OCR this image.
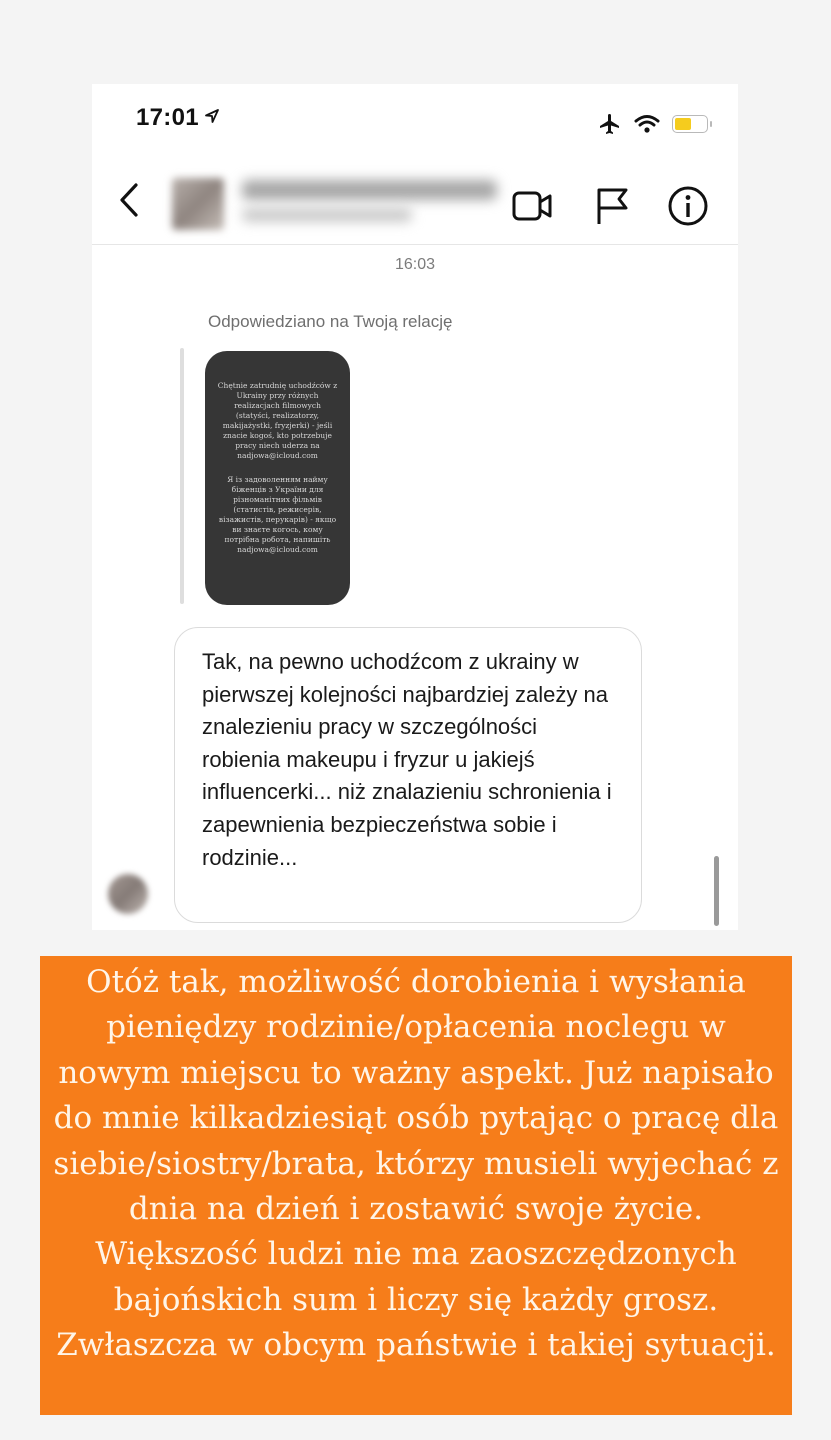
17:01
16:03
Odpowiedziano na Twoją relację

Chętnie zatrudnię uchodźców z Ukrainy przy różnych realizacjach filmowych (statyści, realizatorzy, makijażystki, fryzjerki) - jeśli znacie kogoś, kto potrzebuje pracy niech uderza na nadjowa@icloud.com

Я із задоволенням найму біженців з України для різноманітних фільмів (статистів, режисерів, візажистів, перукарів) - якщо ви знаєте когось, кому потрібна робота, напишіть nadjowa@icloud.com

Tak, na pewno uchodźcom z ukrainy w pierwszej kolejności najbardziej zależy na znalezieniu pracy w szczególności robienia makeupu i fryzur u jakiejś influencerki... niż znalazieniu schronienia i zapewnienia bezpieczeństwa sobie i rodzinie...
Otóż tak, możliwość dorobienia i wysłania pieniędzy rodzinie/opłacenia noclegu w nowym miejscu to ważny aspekt. Już napisało do mnie kilkadziesiąt osób pytając o pracę dla siebie/siostry/brata, którzy musieli wyjechać z dnia na dzień i zostawić swoje życie. Większość ludzi nie ma zaoszczędzonych bajońskich sum i liczy się każdy grosz. Zwłaszcza w obcym państwie i takiej sytuacji.
